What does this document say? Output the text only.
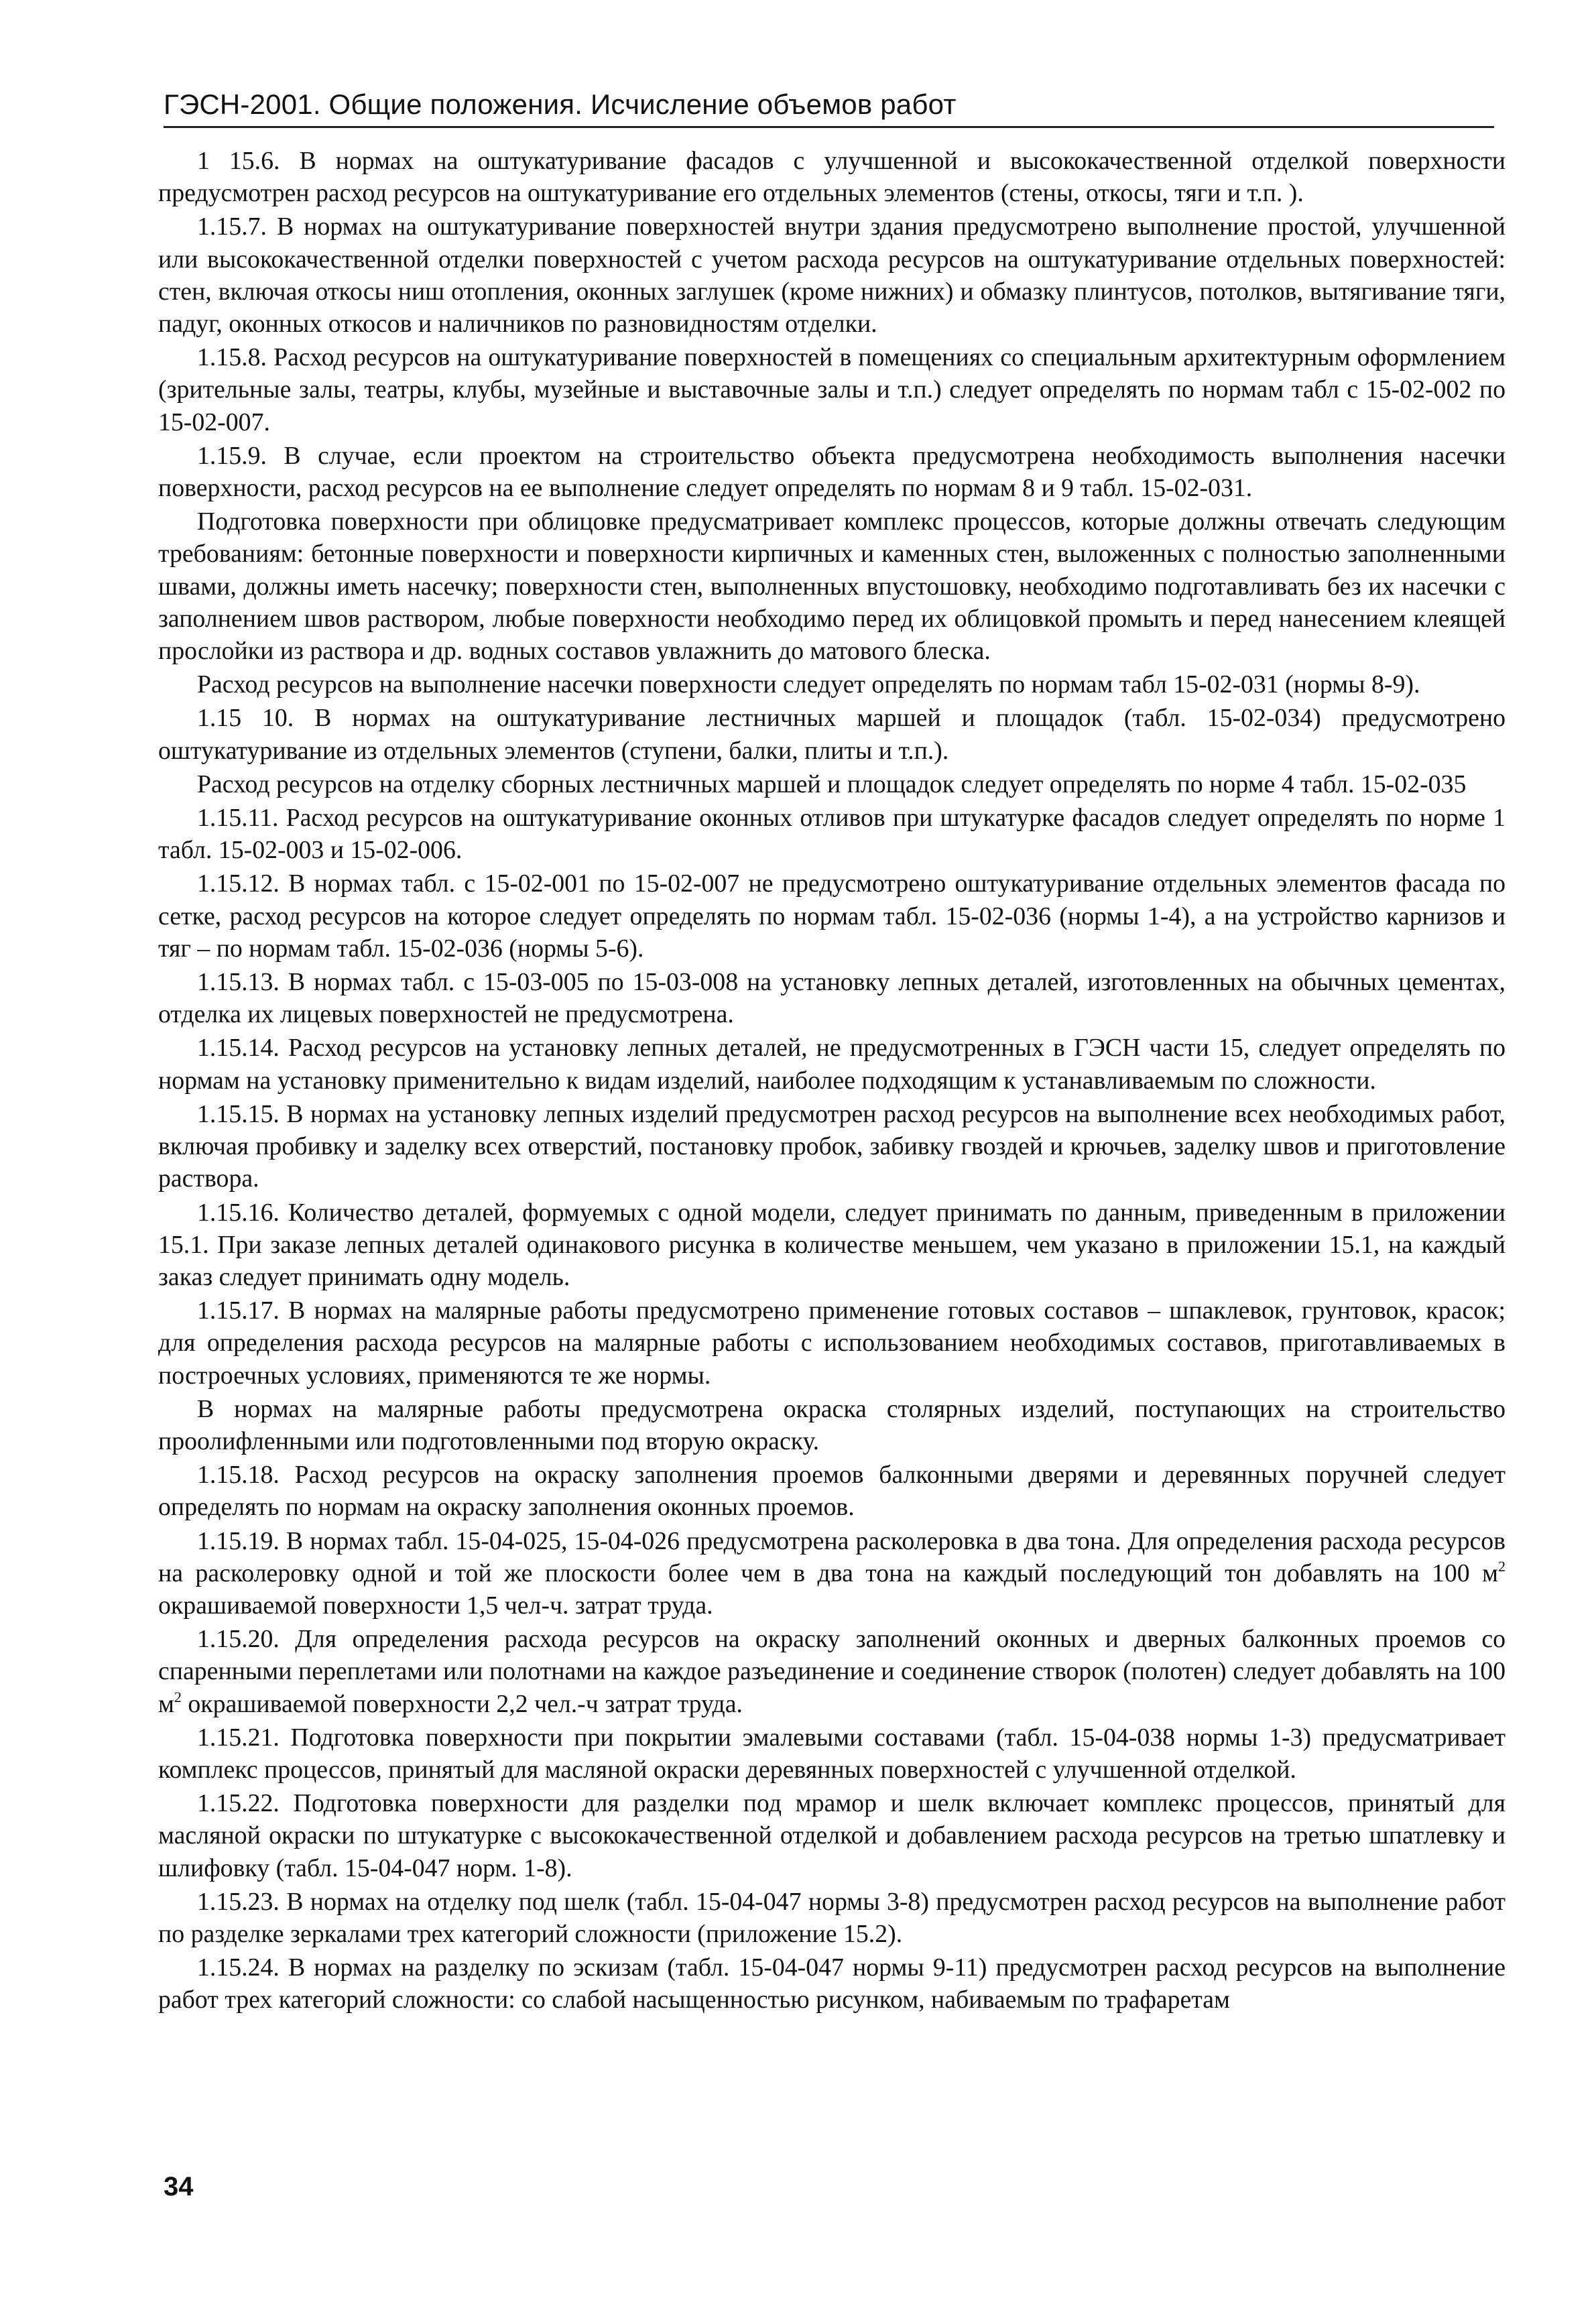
ГЭСН-2001. Общие положения. Исчисление объемов работ

1 15.6. В нормах на оштукатуривание фасадов с улучшенной и высококачественной отделкой поверхности предусмотрен расход ресурсов на оштукатуривание его отдельных элементов (стены, откосы, тяги и т.п. ).

1.15.7. В нормах на оштукатуривание поверхностей внутри здания предусмотрено выполнение простой, улучшенной или высококачественной отделки поверхностей с учетом расхода ресурсов на оштукатуривание отдельных поверхностей: стен, включая откосы ниш отопления, оконных заглушек (кроме нижних) и обмазку плинтусов, потолков, вытягивание тяги, падуг, оконных откосов и наличников по разновидностям отделки.

1.15.8. Расход ресурсов на оштукатуривание поверхностей в помещениях со специальным архитектурным оформлением (зрительные залы, театры, клубы, музейные и выставочные залы и т.п.) следует определять по нормам табл с 15-02-002 по 15-02-007.

1.15.9. В случае, если проектом на строительство объекта предусмотрена необходимость выполнения насечки поверхности, расход ресурсов на ее выполнение следует определять по нормам 8 и 9 табл. 15-02-031.

Подготовка поверхности при облицовке предусматривает комплекс процессов, которые должны отвечать следующим требованиям: бетонные поверхности и поверхности кирпичных и каменных стен, выложенных с полностью заполненными швами, должны иметь насечку; поверхности стен, выполненных впустошовку, необходимо подготавливать без их насечки с заполнением швов раствором, любые поверхности необходимо перед их облицовкой промыть и перед нанесением клеящей прослойки из раствора и др. водных составов увлажнить до матового блеска.

Расход ресурсов на выполнение насечки поверхности следует определять по нормам табл 15-02-031 (нормы 8-9).

1.15 10. В нормах на оштукатуривание лестничных маршей и площадок (табл. 15-02-034) предусмотрено оштукатуривание из отдельных элементов (ступени, балки, плиты и т.п.).

Расход ресурсов на отделку сборных лестничных маршей и площадок следует определять по норме 4 табл. 15-02-035

1.15.11. Расход ресурсов на оштукатуривание оконных отливов при штукатурке фасадов следует определять по норме 1 табл. 15-02-003 и 15-02-006.

1.15.12. В нормах табл. с 15-02-001 по 15-02-007 не предусмотрено оштукатуривание отдельных элементов фасада по сетке, расход ресурсов на которое следует определять по нормам табл. 15-02-036 (нормы 1-4), а на устройство карнизов и тяг – по нормам табл. 15-02-036 (нормы 5-6).

1.15.13. В нормах табл. с 15-03-005 по 15-03-008 на установку лепных деталей, изготовленных на обычных цементах, отделка их лицевых поверхностей не предусмотрена.

1.15.14. Расход ресурсов на установку лепных деталей, не предусмотренных в ГЭСН части 15, следует определять по нормам на установку применительно к видам изделий, наиболее подходящим к устанавливаемым по сложности.

1.15.15. В нормах на установку лепных изделий предусмотрен расход ресурсов на выполнение всех необходимых работ, включая пробивку и заделку всех отверстий, постановку пробок, забивку гвоздей и крючьев, заделку швов и приготовление раствора.

1.15.16. Количество деталей, формуемых с одной модели, следует принимать по данным, приведенным в приложении 15.1. При заказе лепных деталей одинакового рисунка в количестве меньшем, чем указано в приложении 15.1, на каждый заказ следует принимать одну модель.

1.15.17. В нормах на малярные работы предусмотрено применение готовых составов – шпаклевок, грунтовок, красок; для определения расхода ресурсов на малярные работы с использованием необходимых составов, приготавливаемых в построечных условиях, применяются те же нормы.

В нормах на малярные работы предусмотрена окраска столярных изделий, поступающих на строительство проолифленными или подготовленными под вторую окраску.

1.15.18. Расход ресурсов на окраску заполнения проемов балконными дверями и деревянных поручней следует определять по нормам на окраску заполнения оконных проемов.

1.15.19. В нормах табл. 15-04-025, 15-04-026 предусмотрена расколеровка в два тона. Для определения расхода ресурсов на расколеровку одной и той же плоскости более чем в два тона на каждый последующий тон добавлять на 100 $м^2$ окрашиваемой поверхности 1,5 чел-ч. затрат труда.

1.15.20. Для определения расхода ресурсов на окраску заполнений оконных и дверных балконных проемов со спаренными переплетами или полотнами на каждое разъединение и соединение створок (полотен) следует добавлять на 100 $м^2$ окрашиваемой поверхности 2,2 чел.-ч затрат труда.

1.15.21. Подготовка поверхности при покрытии эмалевыми составами (табл. 15-04-038 нормы 1-3) предусматривает комплекс процессов, принятый для масляной окраски деревянных поверхностей с улучшенной отделкой.

1.15.22. Подготовка поверхности для разделки под мрамор и шелк включает комплекс процессов, принятый для масляной окраски по штукатурке с высококачественной отделкой и добавлением расхода ресурсов на третью шпатлевку и шлифовку (табл. 15-04-047 норм. 1-8).

1.15.23. В нормах на отделку под шелк (табл. 15-04-047 нормы 3-8) предусмотрен расход ресурсов на выполнение работ по разделке зеркалами трех категорий сложности (приложение 15.2).

1.15.24. В нормах на разделку по эскизам (табл. 15-04-047 нормы 9-11) предусмотрен расход ресурсов на выполнение работ трех категорий сложности: со слабой насыщенностью рисунком, набиваемым по трафаретам

34
